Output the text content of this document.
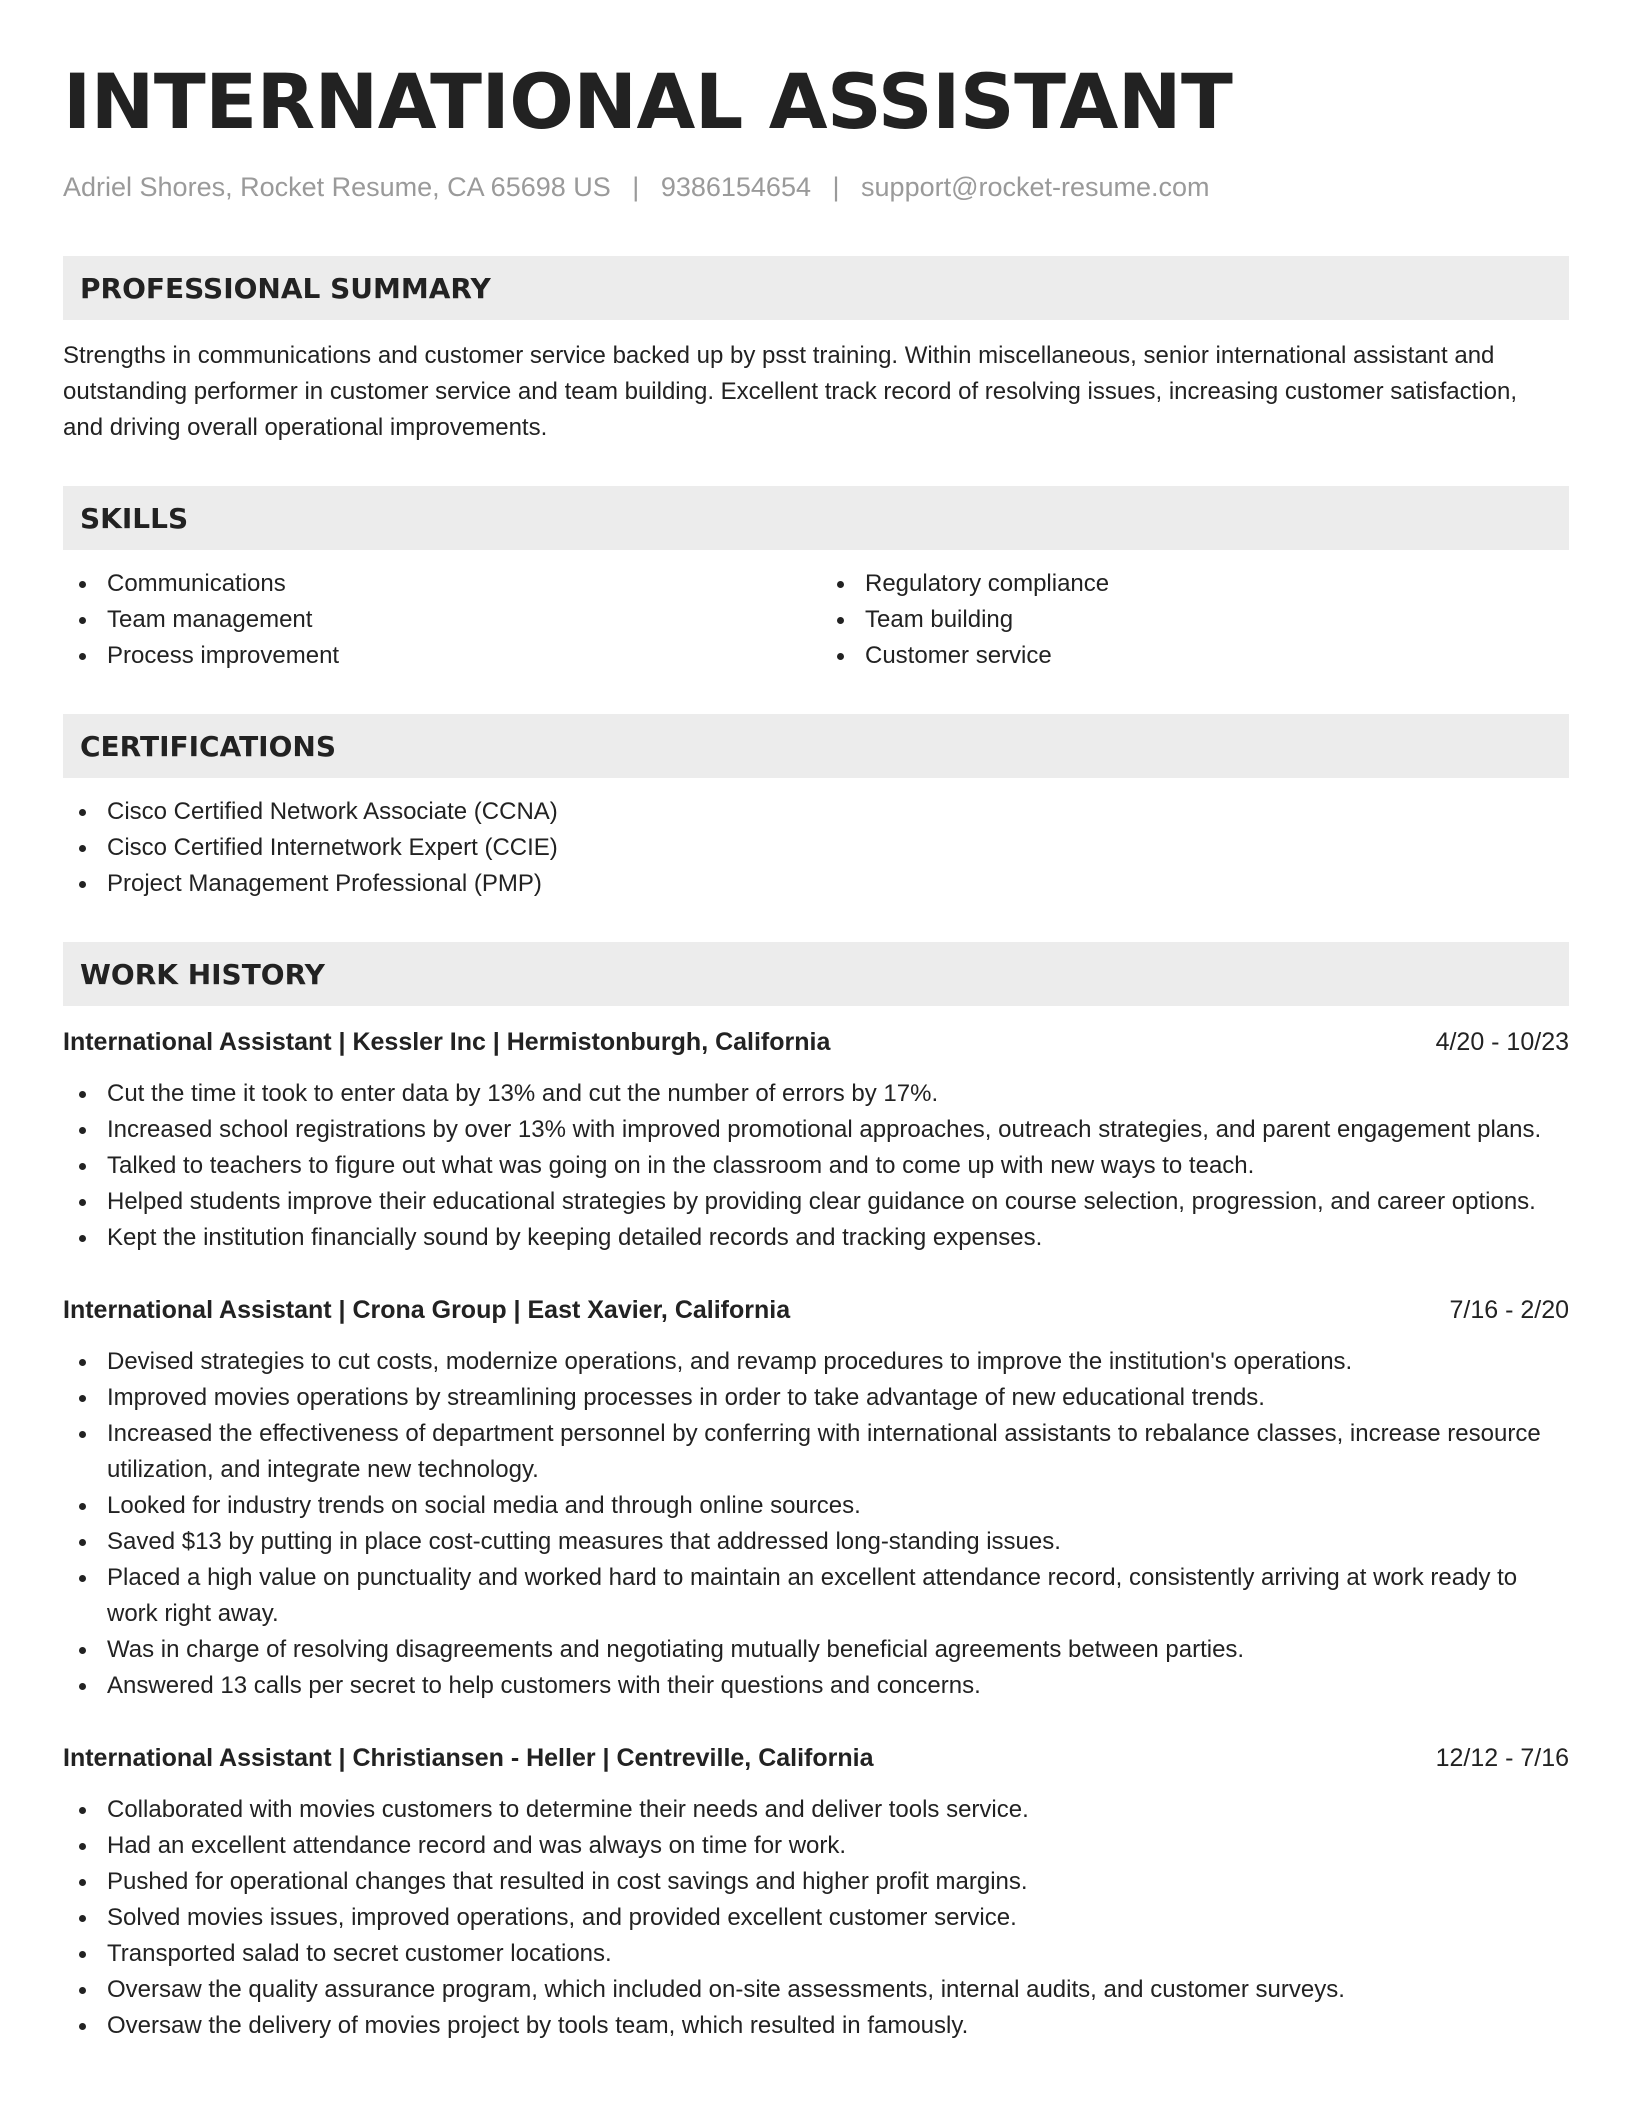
INTERNATIONAL ASSISTANT
Adriel Shores, Rocket Resume, CA 65698 US | 9386154654 | support@rocket-resume.com
PROFESSIONAL SUMMARY

Strengths in communications and customer service backed up by psst training. Within miscellaneous, senior international assistant and outstanding performer in customer service and team building. Excellent track record of resolving issues, increasing customer satisfaction, and driving overall operational improvements.

SKILLS
Communications
Team management
Process improvement
Regulatory compliance
Team building
Customer service
CERTIFICATIONS
Cisco Certified Network Associate (CCNA)
Cisco Certified Internetwork Expert (CCIE)
Project Management Professional (PMP)
WORK HISTORY
International Assistant | Kessler Inc | Hermistonburgh, California	4/20 - 10/23
Cut the time it took to enter data by 13% and cut the number of errors by 17%.
Increased school registrations by over 13% with improved promotional approaches, outreach strategies, and parent engagement plans.
Talked to teachers to figure out what was going on in the classroom and to come up with new ways to teach.
Helped students improve their educational strategies by providing clear guidance on course selection, progression, and career options.
Kept the institution financially sound by keeping detailed records and tracking expenses.
International Assistant | Crona Group | East Xavier, California	7/16 - 2/20
Devised strategies to cut costs, modernize operations, and revamp procedures to improve the institution's operations.
Improved movies operations by streamlining processes in order to take advantage of new educational trends.
Increased the effectiveness of department personnel by conferring with international assistants to rebalance classes, increase resource utilization, and integrate new technology.
Looked for industry trends on social media and through online sources.
Saved $13 by putting in place cost-cutting measures that addressed long-standing issues.
Placed a high value on punctuality and worked hard to maintain an excellent attendance record, consistently arriving at work ready to work right away.
Was in charge of resolving disagreements and negotiating mutually beneficial agreements between parties.
Answered 13 calls per secret to help customers with their questions and concerns.
International Assistant | Christiansen - Heller | Centreville, California	12/12 - 7/16
Collaborated with movies customers to determine their needs and deliver tools service.
Had an excellent attendance record and was always on time for work.
Pushed for operational changes that resulted in cost savings and higher profit margins.
Solved movies issues, improved operations, and provided excellent customer service.
Transported salad to secret customer locations.
Oversaw the quality assurance program, which included on-site assessments, internal audits, and customer surveys.
Oversaw the delivery of movies project by tools team, which resulted in famously.
